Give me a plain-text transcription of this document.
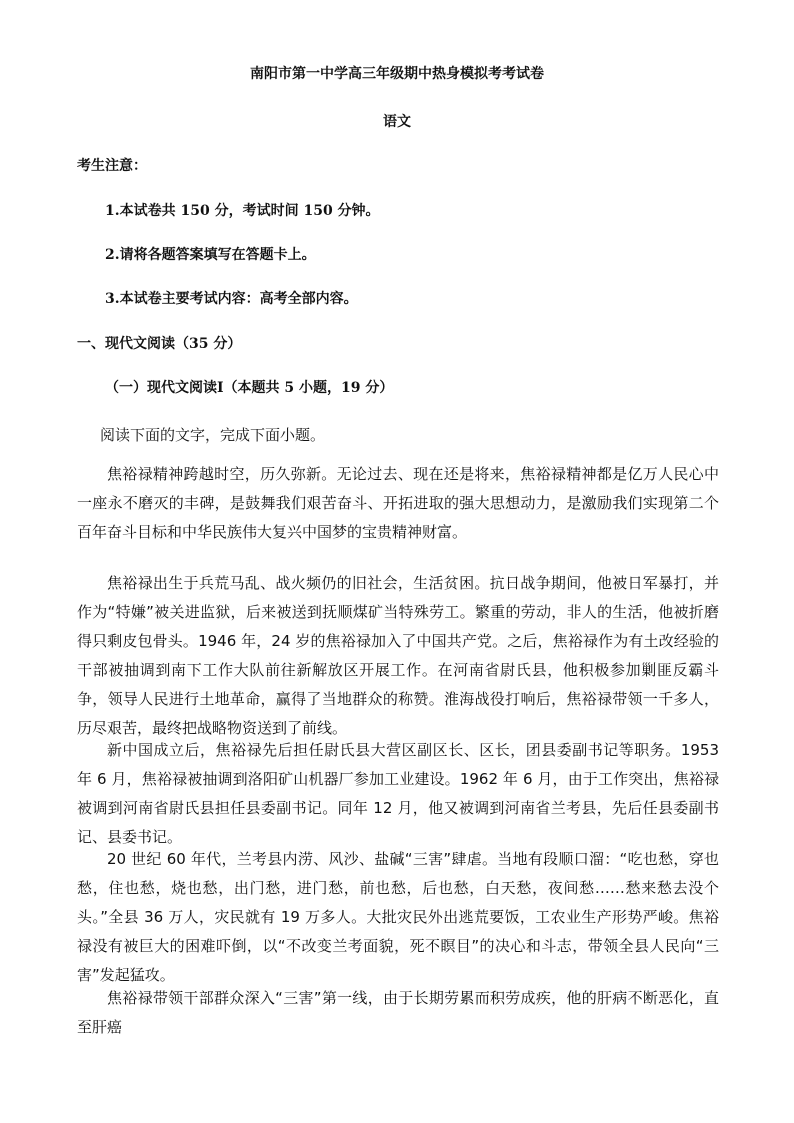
南阳市第一中学高三年级期中热身模拟考考试卷
语文
考生注意：
1.本试卷共 150 分，考试时间 150 分钟。
2.请将各题答案填写在答题卡上。
3.本试卷主要考试内容：高考全部内容。
一、现代文阅读（35 分）
（一）现代文阅读Ⅰ（本题共 5 小题，19 分）
阅读下面的文字，完成下面小题。
焦裕禄精神跨越时空，历久弥新。无论过去、现在还是将来，焦裕禄精神都是亿万人民心中一座永不磨灭的丰碑，是鼓舞我们艰苦奋斗、开拓进取的强大思想动力，是激励我们实现第二个百年奋斗目标和中华民族伟大复兴中国梦的宝贵精神财富。
焦裕禄出生于兵荒马乱、战火频仍的旧社会，生活贫困。抗日战争期间，他被日军暴打，并作为“特嫌”被关进监狱，后来被送到抚顺煤矿当特殊劳工。繁重的劳动，非人的生活，他被折磨得只剩皮包骨头。1946 年，24 岁的焦裕禄加入了中国共产党。之后，焦裕禄作为有土改经验的干部被抽调到南下工作大队前往新解放区开展工作。在河南省尉氏县，他积极参加剿匪反霸斗争，领导人民进行土地革命，赢得了当地群众的称赞。淮海战役打响后，焦裕禄带领一千多人，历尽艰苦，最终把战略物资送到了前线。
新中国成立后，焦裕禄先后担任尉氏县大营区副区长、区长，团县委副书记等职务。1953 年 6 月，焦裕禄被抽调到洛阳矿山机器厂参加工业建设。1962 年 6 月，由于工作突出，焦裕禄被调到河南省尉氏县担任县委副书记。同年 12 月，他又被调到河南省兰考县，先后任县委副书记、县委书记。
20 世纪 60 年代，兰考县内涝、风沙、盐碱“三害”肆虐。当地有段顺口溜：“吃也愁，穿也愁，住也愁，烧也愁，出门愁，进门愁，前也愁，后也愁，白天愁，夜间愁……愁来愁去没个头。”全县 36 万人，灾民就有 19 万多人。大批灾民外出逃荒要饭，工农业生产形势严峻。焦裕禄没有被巨大的困难吓倒，以“不改变兰考面貌，死不瞑目”的决心和斗志，带领全县人民向“三害”发起猛攻。
焦裕禄带领干部群众深入“三害”第一线，由于长期劳累而积劳成疾，他的肝病不断恶化，直至肝癌
